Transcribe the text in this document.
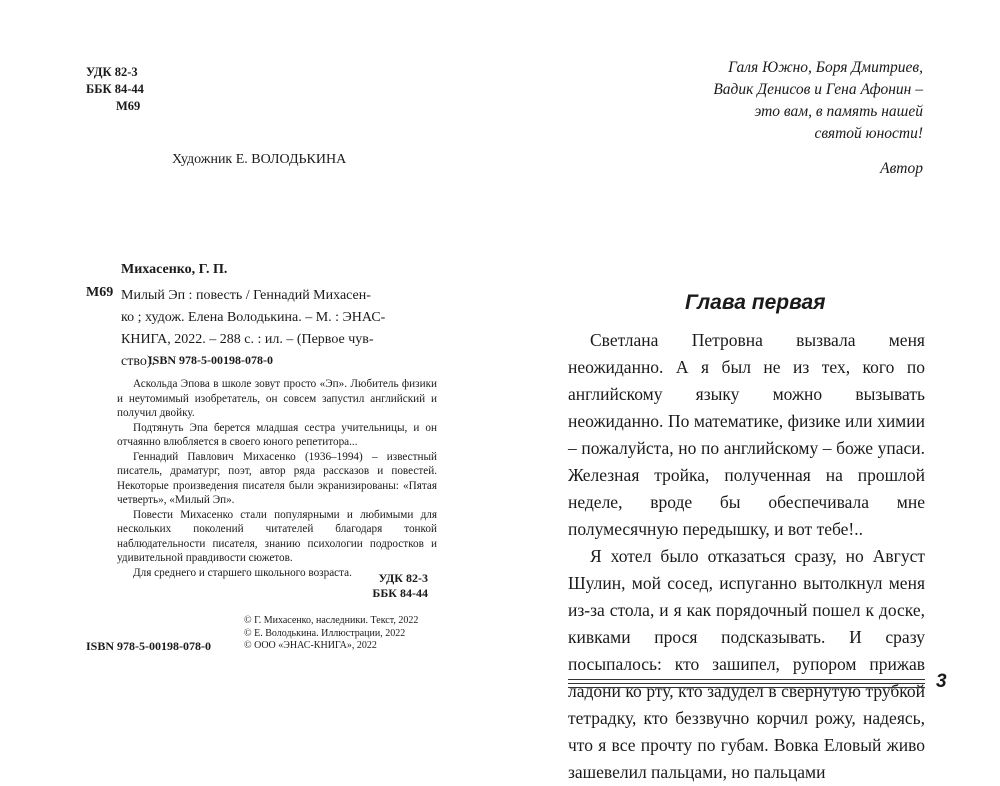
УДК 82-3
ББК 84-44
М69
Художник Е. ВОЛОДЬКИНА
Михасенко, Г. П.
М69 Милый Эп : повесть / Геннадий Михасен-
ко ; худож. Елена Володькина. – М. : ЭНАС-
КНИГА, 2022. – 288 с. : ил. – (Первое чув-
ство).
ISBN 978-5-00198-078-0

Аскольда Эпова в школе зовут просто «Эп». Любитель физики и неутомимый изобретатель, он совсем запустил английский и получил двойку.

Подтянуть Эпа берется младшая сестра учительницы, и он отчаянно влюбляется в своего юного репетитора...

Геннадий Павлович Михасенко (1936–1994) – известный писатель, драматург, поэт, автор ряда рассказов и повестей. Некоторые произведения писателя были экранизированы: «Пятая четверть», «Милый Эп».

Повести Михасенко стали популярными и любимыми для нескольких поколений читателей благодаря тонкой наблюдательности писателя, знанию психологии подростков и удивительной правдивости сюжетов.

Для среднего и старшего школьного возраста.	УДК 82-3
ББК 84-44
© Г. Михасенко, наследники. Текст, 2022
© Е. Володькина. Иллюстрации, 2022
© ООО «ЭНАС-КНИГА», 2022
ISBN 978-5-00198-078-0
Галя Южно, Боря Дмитриев,
Вадик Денисов и Гена Афонин –
это вам, в память нашей
святой юности!
Автор
Глава первая

Светлана Петровна вызвала меня неожиданно. А я был не из тех, кого по английскому языку можно вызывать неожиданно. По математике, физике или химии – пожалуйста, но по английскому – боже упаси. Железная тройка, полученная на прошлой неделе, вроде бы обеспечивала мне полумесячную передышку, и вот тебе!..

Я хотел было отказаться сразу, но Август Шулин, мой сосед, испуганно вытолкнул меня из-за стола, и я как порядочный пошел к доске, кивками прося подсказывать. И сразу посыпалось: кто зашипел, рупором прижав ладони ко рту, кто задудел в свернутую трубкой тетрадку, кто беззвучно корчил рожу, надеясь, что я все прочту по губам. Вовка Еловый живо зашевелил пальцами, но пальцами

3
